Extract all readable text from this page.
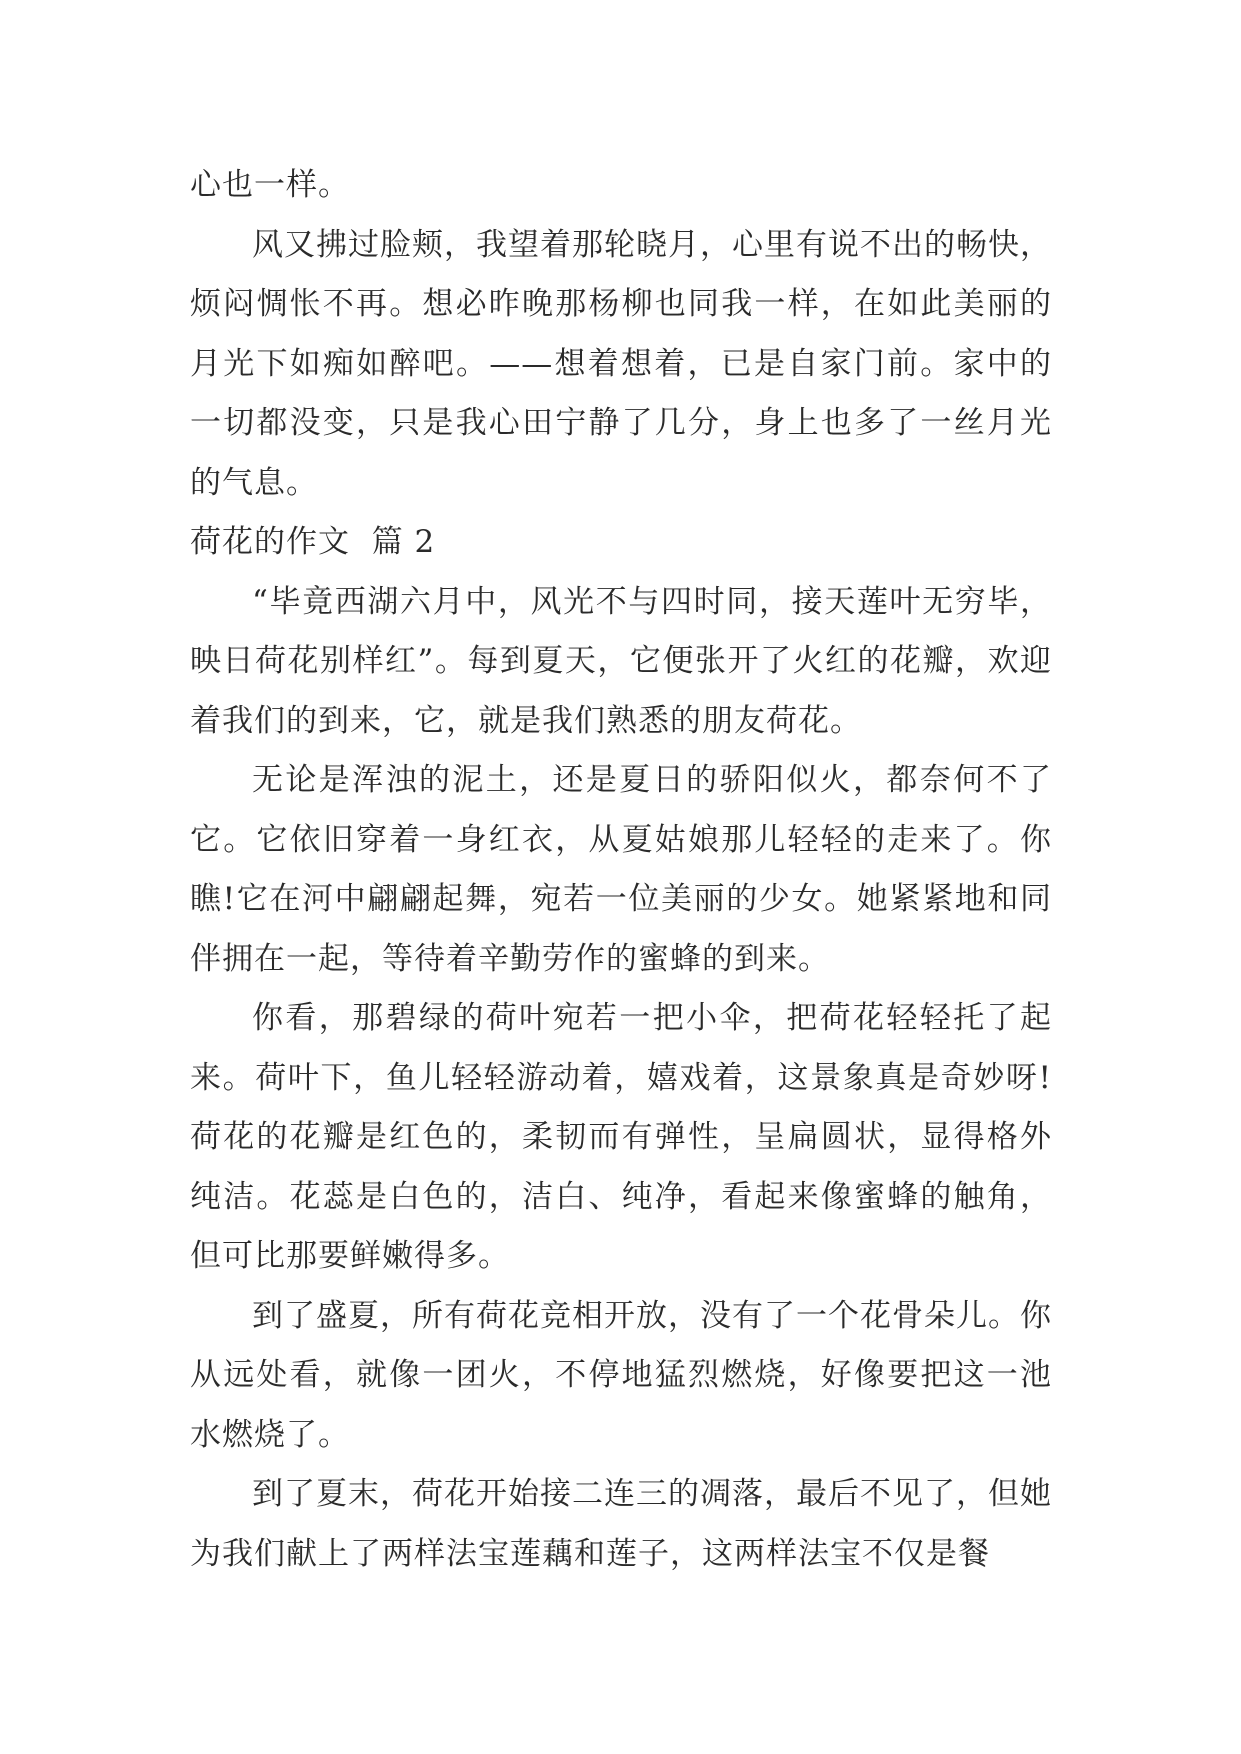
心也一样。

风又拂过脸颊，我望着那轮晓月，心里有说不出的畅快，烦闷惆怅不再。想必昨晚那杨柳也同我一样，在如此美丽的月光下如痴如醉吧。——想着想着，已是自家门前。家中的一切都没变，只是我心田宁静了几分，身上也多了一丝月光的气息。

荷花的作文  篇 2

“毕竟西湖六月中，风光不与四时同，接天莲叶无穷毕，映日荷花别样红”。每到夏天，它便张开了火红的花瓣，欢迎着我们的到来，它，就是我们熟悉的朋友荷花。

无论是浑浊的泥土，还是夏日的骄阳似火，都奈何不了它。它依旧穿着一身红衣，从夏姑娘那儿轻轻的走来了。你瞧!它在河中翩翩起舞，宛若一位美丽的少女。她紧紧地和同伴拥在一起，等待着辛勤劳作的蜜蜂的到来。

你看，那碧绿的荷叶宛若一把小伞，把荷花轻轻托了起来。荷叶下，鱼儿轻轻游动着，嬉戏着，这景象真是奇妙呀!荷花的花瓣是红色的，柔韧而有弹性，呈扁圆状，显得格外纯洁。花蕊是白色的，洁白、纯净，看起来像蜜蜂的触角，但可比那要鲜嫩得多。

到了盛夏，所有荷花竞相开放，没有了一个花骨朵儿。你从远处看，就像一团火，不停地猛烈燃烧，好像要把这一池水燃烧了。

到了夏末，荷花开始接二连三的凋落，最后不见了，但她为我们献上了两样法宝莲藕和莲子，这两样法宝不仅是餐
